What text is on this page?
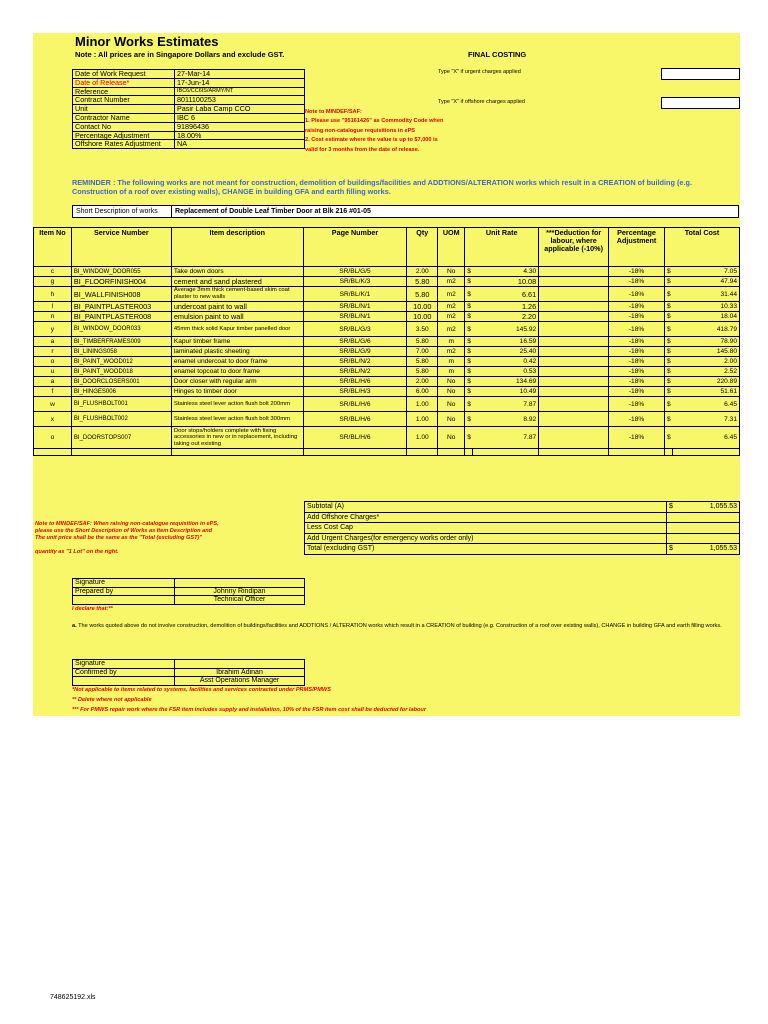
Minor Works Estimates
Note : All prices are in Singapore Dollars and exclude GST.	FINAL COSTING
Date of Work Request	27-Mar-14
Date of Release*	17-Jun-14
Reference	IBC6/CC6IS/ARMY/NT
Contract Number	8011100253
Unit	Pasir Laba Camp CCO
Contractor Name	IBC 6
Contact No	91896436
Percentage Adjustment	18.00%
Offshore Rates Adjustment	NA
Type "X" if urgent charges applied
Type "X" if offshore charges applied
Note to MINDEF/SAF:
1. Please use "95161426" as Commodity Code when
raising non-catalogue requisitions in ePS
2. Cost estimate where the value is up to $7,000 is
valid for 3 months from the date of release.
REMINDER : The following works are not meant for construction, demolition of buildings/facilities and ADDTIONS/ALTERATION works which result in a CREATION of building (e.g. Construction of a roof over existing walls), CHANGE in building GFA and earth filling works.
Short Description of works	Replacement of Double Leaf Timber Door at Blk 216 #01-05
Item No	Service Number	Item description	Page Number	Qty	UOM	Unit Rate		***Deduction for labour, where applicable (-10%)	Percentage Adjustment	Total Cost	
c	BI_WINDOW_DOOR055	Take down doors	SR/BL/G/5	2.00	No	$	4.30		-18%	$	7.05
g	BI_FLOORFINISH004	cement and sand plastered	SR/BL/K/3	5.80	m2	$	10.08		-18%	$	47.94
h	BI_WALLFINISH008	Average 3mm thick cement-based skim coat plaster to new walls	SR/BL/K/1	5.80	m2	$	6.61		-18%	$	31.44
l	BI_PAINTPLASTER003	undercoat paint to wall	SR/BL/N/1	10.00	m2	$	1.26		-18%	$	10.33
n	BI_PAINTPLASTER008	emulsion paint to wall	SR/BL/N/1	10.00	m2	$	2.20		-18%	$	18.04
y	BI_WINDOW_DOOR033	45mm thick solid Kapur timber panelled door	SR/BL/G/3	3.50	m2	$	145.92		-18%	$	418.79
a	BI_TIMBERFRAMES009	Kapur timber frame	SR/BL/G/6	5.80	m	$	16.59		-18%	$	78.90
r	BI_LININGS058	laminated plastic sheeting	SR/BL/G/9	7.00	m2	$	25.40		-18%	$	145.80
o	BI_PAINT_WOOD012	enamel undercoat to door frame	SR/BL/N/2	5.80	m	$	0.42		-18%	$	2.00
u	BI_PAINT_WOOD018	enamel topcoat to door frame	SR/BL/N/2	5.80	m	$	0.53		-18%	$	2.52
a	BI_DOORCLOSERS001	Door closer with regular arm	SR/BL/H/6	2.00	No	$	134.69		-18%	$	220.89
f	BI_HINGES006	Hinges to timber door	SR/BL/H/3	6.00	No	$	10.49		-18%	$	51.61
w	BI_FLUSHBOLT001	Stainless steel lever action flush bolt 200mm	SR/BL/H/6	1.00	No	$	7.87		-18%	$	6.45
x	BI_FLUSHBOLT002	Stainless steel lever action flush bolt 300mm	SR/BL/H/6	1.00	No	$	8.92		-18%	$	7.31
o	BI_DOORSTOPS007	Door stops/holders complete with fixing accessories in new or in replacement, including taking out existing	SR/BL/H/6	1.00	No	$	7.87		-18%	$	6.45

Subtotal (A)	$	1,055.53
Add Offshore Charges*		
Less Cost Cap		
Add Urgent Charges(for emergency works order only)		
Total (excluding GST)	$	1,055.53
Note to MINDEF/SAF: When raising non-catalogue requisition in ePS,
please use the Short Description of Works as Item Description and
The unit price shall be the same as the "Total (excluding GST)"
quantity as "1 Lot" on the right.
Signature	
Prepared by	Johnny Rindipan
	Technical Officer
I declare that:**
a. The works quoted above do not involve construction, demolition of buildings/facilities and ADDTIONS / ALTERATION works which result in a CREATION of building (e.g. Construction of a roof over existing walls), CHANGE in building GFA and earth filling works.
Signature	
Confirmed by	Ibrahim Adinan
	Asst Operations Manager
*Not applicable to items related to systems, facilities and services contracted under PRMS/PMWS
** Delete where not applicable
*** For PMWS repair work where the FSR item includes supply and installation, 10% of the FSR item cost shall be deducted for labour
748625192.xls
